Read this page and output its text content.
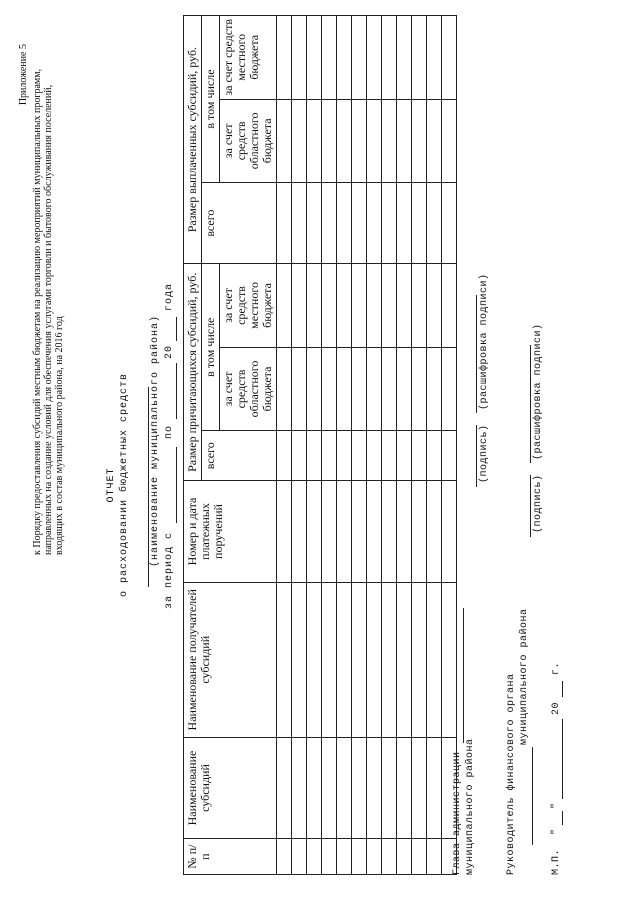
Приложение 5 к Порядку предоставления субсидий местным бюджетам на реализацию мероприятий муниципальных программ, направленных на создание условий для обеспечения услугами торговли и бытового обслуживания поселений, входящих в состав муниципального района, на 2016 год	ОТЧЕТ о расходовании бюджетных средств (наименование муниципального района)
за период с
по
20
года
№ п/п	Наименование субсидий	Наименование получателей субсидий	Номер и дата платежных поручений	Размер причитающихся субсидий, руб.			Размер выплаченных субсидий, руб.		
				всего	в том числе		всего	в том числе	
					за счет средств областного бюджета	за счет средств местного бюджета		за счет средств областного бюджета	за счет средств местного бюджета

Глава администрации муниципального района
(подпись)
(расшифровка подписи)
Руководитель финансового органа муниципального района
(подпись)
(расшифровка подписи)
М.П.
"
"
20
г.
